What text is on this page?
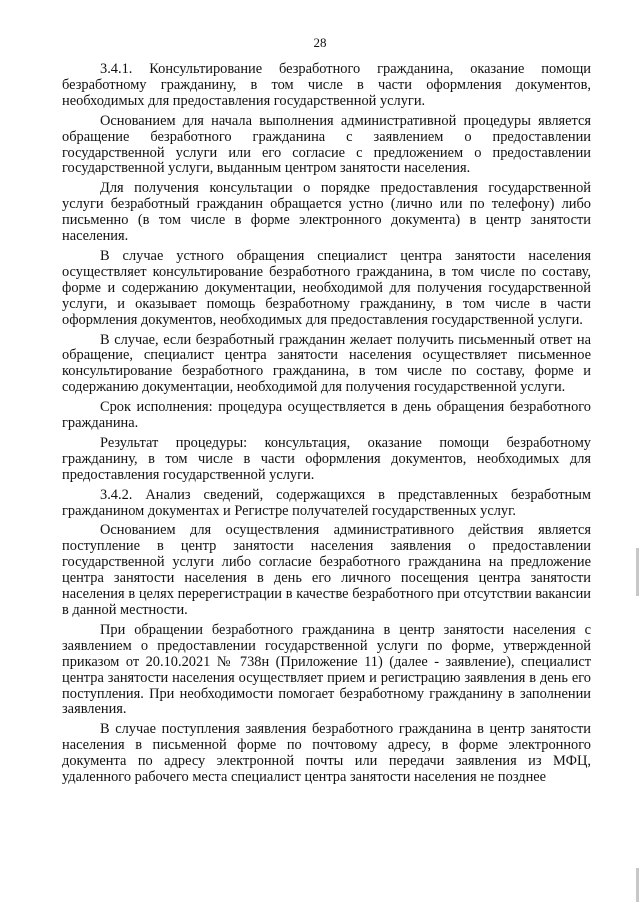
28

3.4.1. Консультирование безработного гражданина, оказание помощи безработному гражданину, в том числе в части оформления документов, необходимых для предоставления государственной услуги.

Основанием для начала выполнения административной процедуры является обращение безработного гражданина с заявлением о предоставлении государственной услуги или его согласие с предложением о предоставлении государственной услуги, выданным центром занятости населения.

Для получения консультации о порядке предоставления государственной услуги безработный гражданин обращается устно (лично или по телефону) либо письменно (в том числе в форме электронного документа) в центр занятости населения.

В случае устного обращения специалист центра занятости населения осуществляет консультирование безработного гражданина, в том числе по составу, форме и содержанию документации, необходимой для получения государственной услуги, и оказывает помощь безработному гражданину, в том числе в части оформления документов, необходимых для предоставления государственной услуги.

В случае, если безработный гражданин желает получить письменный ответ на обращение, специалист центра занятости населения осуществляет письменное консультирование безработного гражданина, в том числе по составу, форме и содержанию документации, необходимой для получения государственной услуги.

Срок исполнения: процедура осуществляется в день обращения безработного гражданина.

Результат процедуры: консультация, оказание помощи безработному гражданину, в том числе в части оформления документов, необходимых для предоставления государственной услуги.

3.4.2. Анализ сведений, содержащихся в представленных безработным гражданином документах и Регистре получателей государственных услуг.

Основанием для осуществления административного действия является поступление в центр занятости населения заявления о предоставлении государственной услуги либо согласие безработного гражданина на предложение центра занятости населения в день его личного посещения центра занятости населения в целях перерегистрации в качестве безработного при отсутствии вакансии в данной местности.

При обращении безработного гражданина в центр занятости населения с заявлением о предоставлении государственной услуги по форме, утвержденной приказом от 20.10.2021 № 738н (Приложение 11) (далее - заявление), специалист центра занятости населения осуществляет прием и регистрацию заявления в день его поступления. При необходимости помогает безработному гражданину в заполнении заявления.

В случае поступления заявления безработного гражданина в центр занятости населения в письменной форме по почтовому адресу, в форме электронного документа по адресу электронной почты или передачи заявления из МФЦ, удаленного рабочего места специалист центра занятости населения не позднее
